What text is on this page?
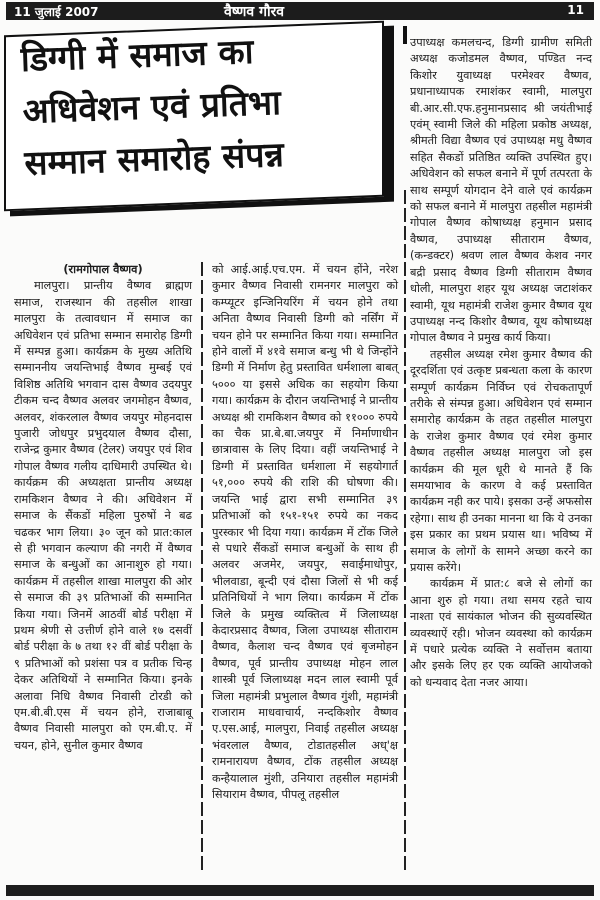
11 जुलाई 2007	वैष्णव गौरव	11
डिग्गी में समाज का
अधिवेशन एवं प्रतिभा
सम्मान समारोह संपन्न
(रामगोपाल वैष्णव)

मालपुरा। प्रान्तीय वैष्णव ब्राह्मण समाज, राजस्थान की तहसील शाखा मालपुरा के तत्वावधान में समाज का अधिवेशन एवं प्रतिभा सम्मान समारोह डिग्गी में सम्पन्न हुआ। कार्यक्रम के मुख्य अतिथि सम्माननीय जयन्तिभाई वैष्णव मुम्बई एवं विशिष्ठ अतिथि भगवान दास वैष्णव उदयपुर टीकम चन्द वैष्णव अलवर जगमोहन वैष्णव, अलवर, शंकरलाल वैष्णव जयपुर मोहनदास पुजारी जोधपुर प्रभुदयाल वैष्णव दौसा, राजेन्द्र कुमार वैष्णव (टेलर) जयपुर एवं शिव गोपाल वैष्णव गलीय दाधिमारी उपस्थित थे। कार्यक्रम की अध्यक्षता प्रान्तीय अध्यक्ष रामकिशन वैष्णव ने की। अधिवेशन में समाज के सैंकडों महिला पुरुषों ने बढ चढकर भाग लिया। ३० जून को प्रात:काल से ही भगवान कल्याण की नगरी में वैष्णव समाज के बन्धुओं का आनाशुरु हो गया। कार्यक्रम में तहसील शाखा मालपुरा की ओर से समाज की ३९ प्रतिभाओं की सम्मानित किया गया। जिनमें आठवीं बोर्ड परीक्षा में प्रथम श्रेणी से उत्तीर्ण होने वाले १७ दसवीं बोर्ड परीक्षा के ७ तथा १२ वीं बोर्ड परीक्षा के ९ प्रतिभाओं को प्रशंसा पत्र व प्रतीक चिन्ह देकर अतिथियों ने सम्मानित किया। इनके अलावा निधि वैष्णव निवासी टोरडी को एम.बी.बी.एस में चयन होने, राजाबाबू वैष्णव निवासी मालपुरा को एम.बी.ए. में चयन, होने, सुनील कुमार वैष्णव

को आई.आई.एच.एम. में चयन होंने, नरेश कुमार वैष्णव निवासी रामनगर मालपुरा को कम्प्यूटर इन्जिनियरिंग में चयन होने तथा अनिता वैष्णव निवासी डिग्गी को नर्सिंग में चयन होने पर सम्मानित किया गया। सम्मानित होने वालों में ४१वे समाज बन्धु भी थे जिन्होंने डिग्गी में निर्माण हेतु प्रस्तावित धर्मशाला बाबत् ५००० या इससे अधिक का सहयोग किया गया। कार्यक्रम के दौरान जयन्तिभाई ने प्रान्तीय अध्यक्ष श्री रामकिशन वैष्णव को ११००० रुपये का चैक प्रा.बे.बा.जयपुर में निर्माणाधीन छात्रावास के लिए दिया। वहीं जयन्तिभाई ने डिग्गी में प्रस्तावित धर्मशाला में सहयोगार्त ५१,००० रुपये की राशि की घोषणा की। जयन्ति भाई द्वारा सभी सम्मानित ३९ प्रतिभाओं को १५१-१५१ रुपये का नकद पुरस्कार भी दिया गया। कार्यक्रम में टोंक जिले से पधारे सैंकडों समाज बन्धुओं के साथ ही अलवर अजमेर, जयपुर, सवाईमाधोपुर, भीलवाडा, बून्दी एवं दौसा जिलों से भी कई प्रतिनिधियों ने भाग लिया। कार्यक्रम में टोंक जिले के प्रमुख व्यक्तित्व में जिलाध्यक्ष केदारप्रसाद वैष्णव, जिला उपाध्यक्ष सीताराम वैष्णव, कैलाश चन्द वैष्णव एवं बृजमोहन वैष्णव, पूर्व प्रान्तीय उपाध्यक्ष मोहन लाल शास्त्री पूर्व जिलाध्यक्ष मदन लाल स्वामी पूर्व जिला महामंत्री प्रभुलाल वैष्णव गुंशी, महामंत्री राजाराम माधवाचार्य, नन्दकिशोर वैष्णव ए.एस.आई, मालपुरा, निवाई तहसील अध्यक्ष भंवरलाल वैष्णव, टोडातहसील अध्'क्ष रामनारायण वैष्णव, टोंक तहसील अध्यक्ष कन्हैयालाल मुंशी, उनियारा तहसील महामंत्री सियाराम वैष्णव, पीपलू तहसील

उपाध्यक्ष कमलचन्द, डिग्गी ग्रामीण समिती अध्यक्ष कजोडमल वैष्णव, पण्डित नन्द किशोर युवाध्यक्ष परमेश्वर वैष्णव, प्रधानाध्यापक रमाशंकर स्वामी, मालपुरा बी.आर.सी.एफ.हनुमानप्रसाद श्री जयंतीभाई एवंम् स्वामी जिले की महिला प्रकोष्ठ अध्यक्ष, श्रीमती विद्या वैष्णव एवं उपाध्यक्ष मधु वैष्णव सहित सैकडों प्रतिष्ठित व्यक्ति उपस्थित हुए। अधिवेशन को सफल बनाने में पूर्ण तत्परता के साथ सम्पूर्ण योगदान देने वाले एवं कार्यक्रम को सफल बनाने में मालपुरा तहसील महामंत्री गोपाल वैष्णव कोषाध्यक्ष हनुमान प्रसाद वैष्णव, उपाध्यक्ष सीताराम वैष्णव, (कन्डक्टर) श्रवण लाल वैष्णव केशव नगर बद्री प्रसाद वैष्णव डिग्गी सीताराम वैष्णव धोली, मालपुरा शहर यूथ अध्यक्ष जटाशंकर स्वामी, यूथ महामंत्री राजेश कुमार वैष्णव यूथ उपाध्यक्ष नन्द किशोर वैष्णव, यूथ कोषाध्यक्ष गोपाल वैष्णव ने प्रमुख कार्य किया।

तहसील अध्यक्ष रमेश कुमार वैष्णव की दूरदर्शिता एवं उत्कृष्ट प्रबन्धता कला के कारण सम्पूर्ण कार्यक्रम निर्विघ्न एवं रोचकतापूर्ण तरीके से संम्पन्न हुआ। अधिवेशन एवं सम्मान समारोह कार्यक्रम के तहत तहसील मालपुरा के राजेश कुमार वैष्णव एवं रमेश कुमार वैष्णव तहसील अध्यक्ष मालपुरा जो इस कार्यक्रम की मूल धूरी थे मानते हैं कि समयाभाव के कारण वे कई प्रस्तावित कार्यक्रम नही कर पाये। इसका उन्हें अफसोस रहेगा। साथ ही उनका मानना था कि ये उनका इस प्रकार का प्रथम प्रयास था। भविष्य में समाज के लोगों के सामने अच्छा करने का प्रयास करेंगे।

कार्यक्रम में प्रात:८ बजे से लोगों का आना शुरु हो गया। तथा समय रहते चाय नाश्ता एवं सायंकाल भोजन की सुव्यवस्थित व्यवस्थाऐं रही। भोजन व्यवस्था को कार्यक्रम में पधारे प्रत्येक व्यक्ति ने सर्वोत्तम बताया और इसके लिए हर एक व्यक्ति आयोजको को धन्यवाद देता नजर आया।
